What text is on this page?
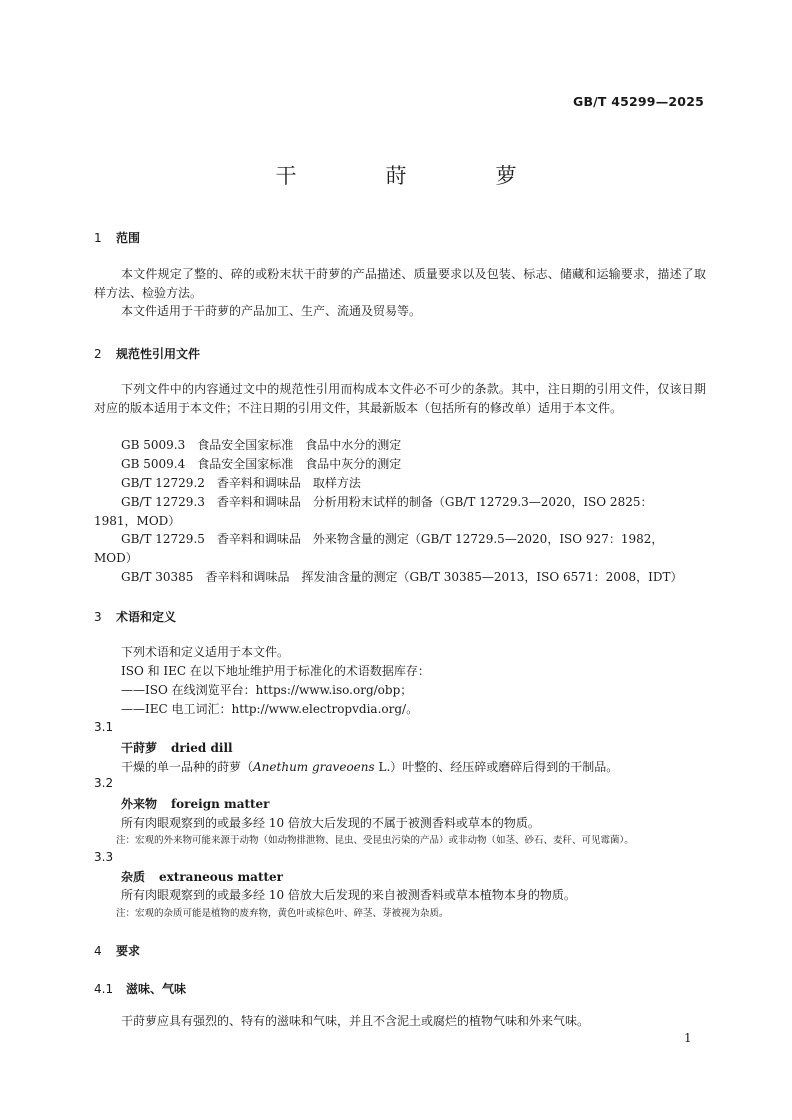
GB/T 45299—2025
干　莳　萝
1 范围
本文件规定了整的、碎的或粉末状干莳萝的产品描述、质量要求以及包装、标志、储藏和运输要求，描述了取样方法、检验方法。
本文件适用于干莳萝的产品加工、生产、流通及贸易等。
2 规范性引用文件
下列文件中的内容通过文中的规范性引用而构成本文件必不可少的条款。其中，注日期的引用文件，仅该日期对应的版本适用于本文件；不注日期的引用文件，其最新版本（包括所有的修改单）适用于本文件。
GB 5009.3　食品安全国家标准　食品中水分的测定
GB 5009.4　食品安全国家标准　食品中灰分的测定
GB/T 12729.2　香辛料和调味品　取样方法
GB/T 12729.3　香辛料和调味品　分析用粉末试样的制备（GB/T 12729.3—2020，ISO 2825：
1981，MOD）
GB/T 12729.5　香辛料和调味品　外来物含量的测定（GB/T 12729.5—2020，ISO 927：1982，
MOD）
GB/T 30385　香辛料和调味品　挥发油含量的测定（GB/T 30385—2013，ISO 6571：2008，IDT）
3 术语和定义
下列术语和定义适用于本文件。
ISO 和 IEC 在以下地址维护用于标准化的术语数据库存：
——ISO 在线浏览平台：https://www.iso.org/obp；
——IEC 电工词汇：http://www.electropvdia.org/。
3.1
干莳萝 dried dill
干燥的单一品种的莳萝（Anethum graveoens L.）叶整的、经压碎或磨碎后得到的干制品。
3.2
外来物 foreign matter
所有肉眼观察到的或最多经 10 倍放大后发现的不属于被测香料或草本的物质。
注：宏观的外来物可能来源于动物（如动物排泄物、昆虫、受昆虫污染的产品）或非动物（如茎、砂石、麦秆、可见霉菌）。
3.3
杂质 extraneous matter
所有肉眼观察到的或最多经 10 倍放大后发现的来自被测香料或草本植物本身的物质。
注：宏观的杂质可能是植物的废弃物，黄色叶或棕色叶、碎茎、芽被视为杂质。
4 要求
4.1 滋味、气味
干莳萝应具有强烈的、特有的滋味和气味，并且不含泥土或腐烂的植物气味和外来气味。
1
